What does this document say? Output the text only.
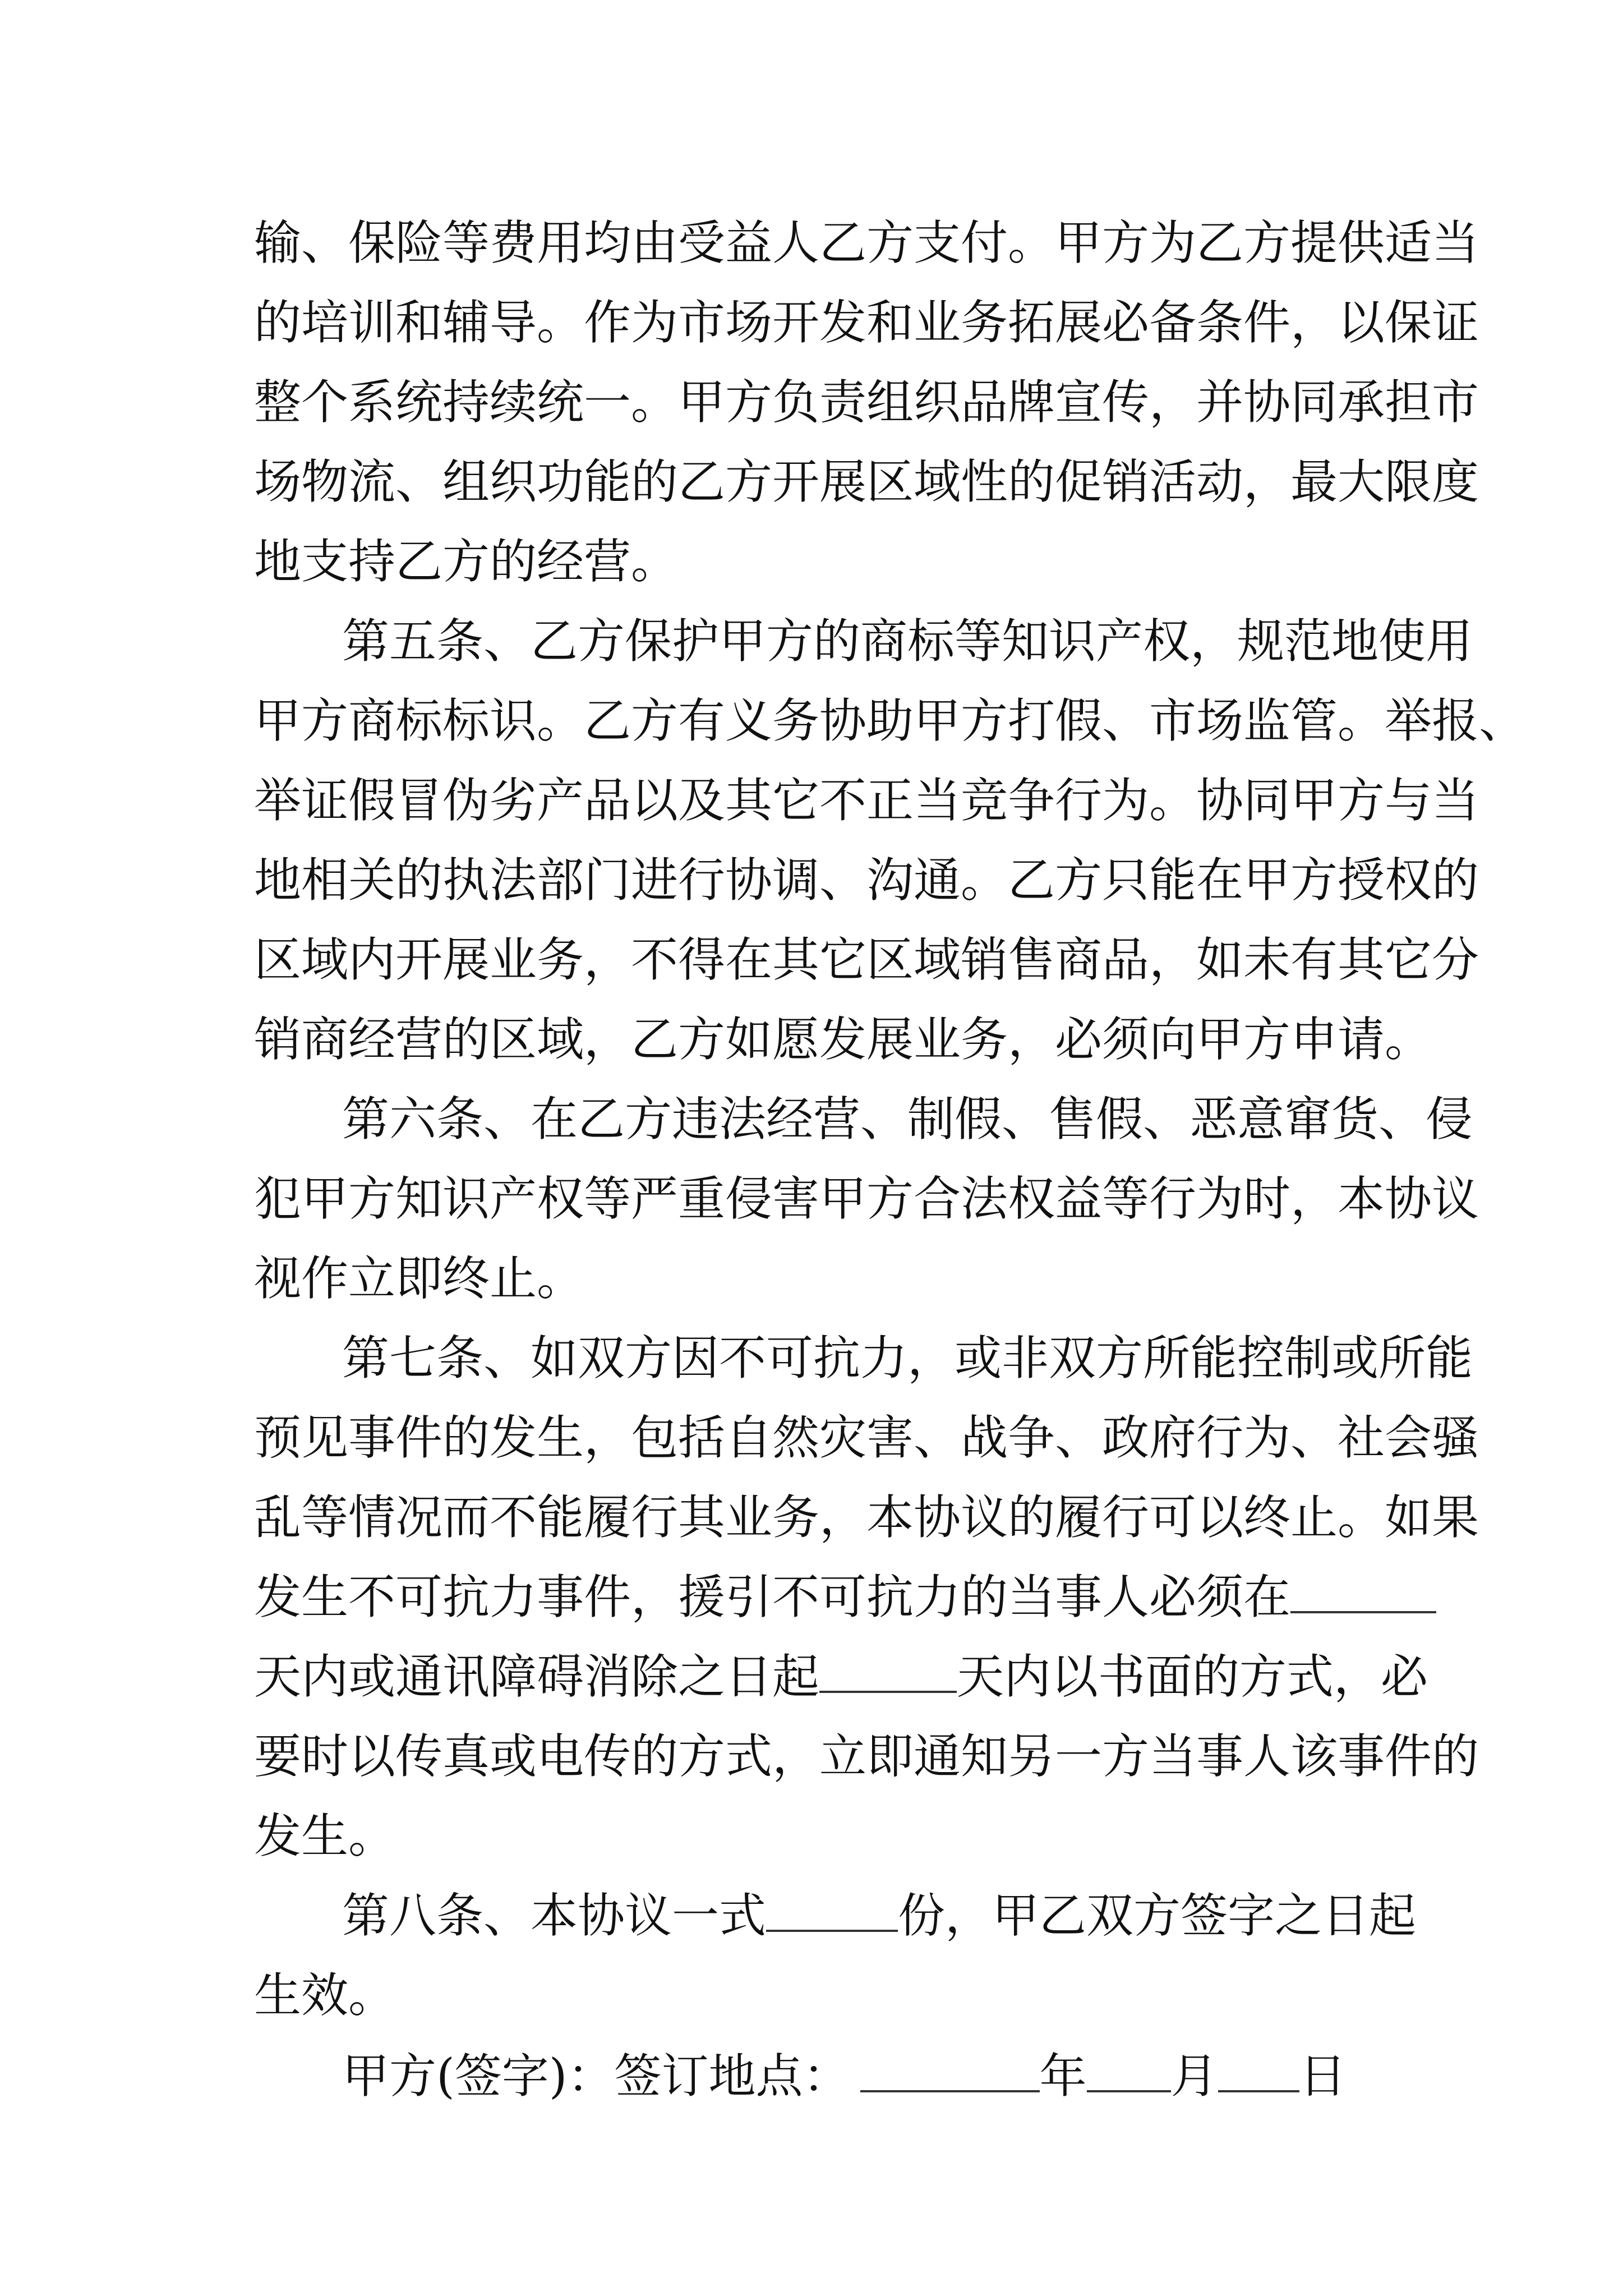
输、保险等费用均由受益人乙方支付。甲方为乙方提供适当
的培训和辅导。作为市场开发和业务拓展必备条件，以保证
整个系统持续统一。甲方负责组织品牌宣传，并协同承担市
场物流、组织功能的乙方开展区域性的促销活动，最大限度
地支持乙方的经营。
第五条、乙方保护甲方的商标等知识产权，规范地使用
甲方商标标识。乙方有义务协助甲方打假、市场监管。举报、
举证假冒伪劣产品以及其它不正当竞争行为。协同甲方与当
地相关的执法部门进行协调、沟通。乙方只能在甲方授权的
区域内开展业务，不得在其它区域销售商品，如未有其它分
销商经营的区域，乙方如愿发展业务，必须向甲方申请。
第六条、在乙方违法经营、制假、售假、恶意窜货、侵
犯甲方知识产权等严重侵害甲方合法权益等行为时，本协议
视作立即终止。
第七条、如双方因不可抗力，或非双方所能控制或所能
预见事件的发生，包括自然灾害、战争、政府行为、社会骚
乱等情况而不能履行其业务，本协议的履行可以终止。如果
发生不可抗力事件，援引不可抗力的当事人必须在
天内或通讯障碍消除之日起	天内以书面的方式，必
要时以传真或电传的方式，立即通知另一方当事人该事件的
发生。
第八条、本协议一式	份，甲乙双方签字之日起
生效。
甲方(签字)：签订地点：	年 月 日
